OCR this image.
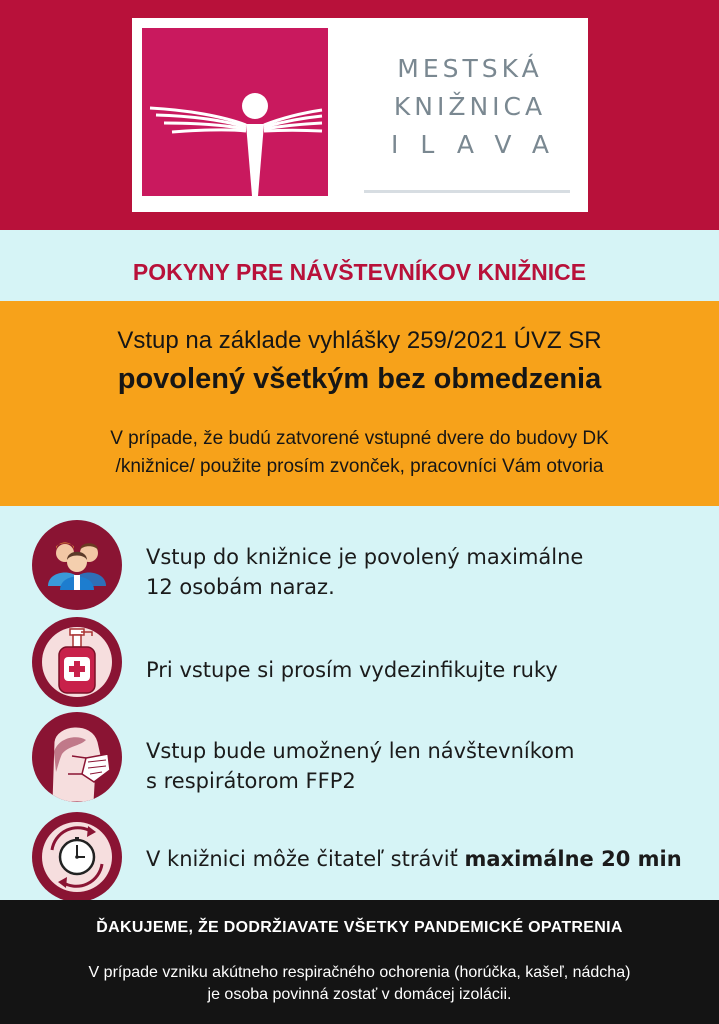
MESTSKÁ
KNIŽNICA
ILAVA
POKYNY PRE NÁVŠTEVNÍKOV KNIŽNICE
Vstup na základe vyhlášky 259/2021 ÚVZ SR
povolený všetkým bez obmedzenia
V prípade, že budú zatvorené vstupné dvere do budovy DK
/knižnice/ použite prosím zvonček, pracovníci Vám otvoria
Vstup do knižnice je povolený maximálne
12 osobám naraz.
Pri vstupe si prosím vydezinfikujte ruky
Vstup bude umožnený len návštevníkom
s respirátorom FFP2
V knižnici môže čitateľ stráviť maximálne 20 min
ĎAKUJEME, ŽE DODRŽIAVATE VŠETKY PANDEMICKÉ OPATRENIA
V prípade vzniku akútneho respiračného ochorenia (horúčka, kašeľ, nádcha)
je osoba povinná zostať v domácej izolácii.
